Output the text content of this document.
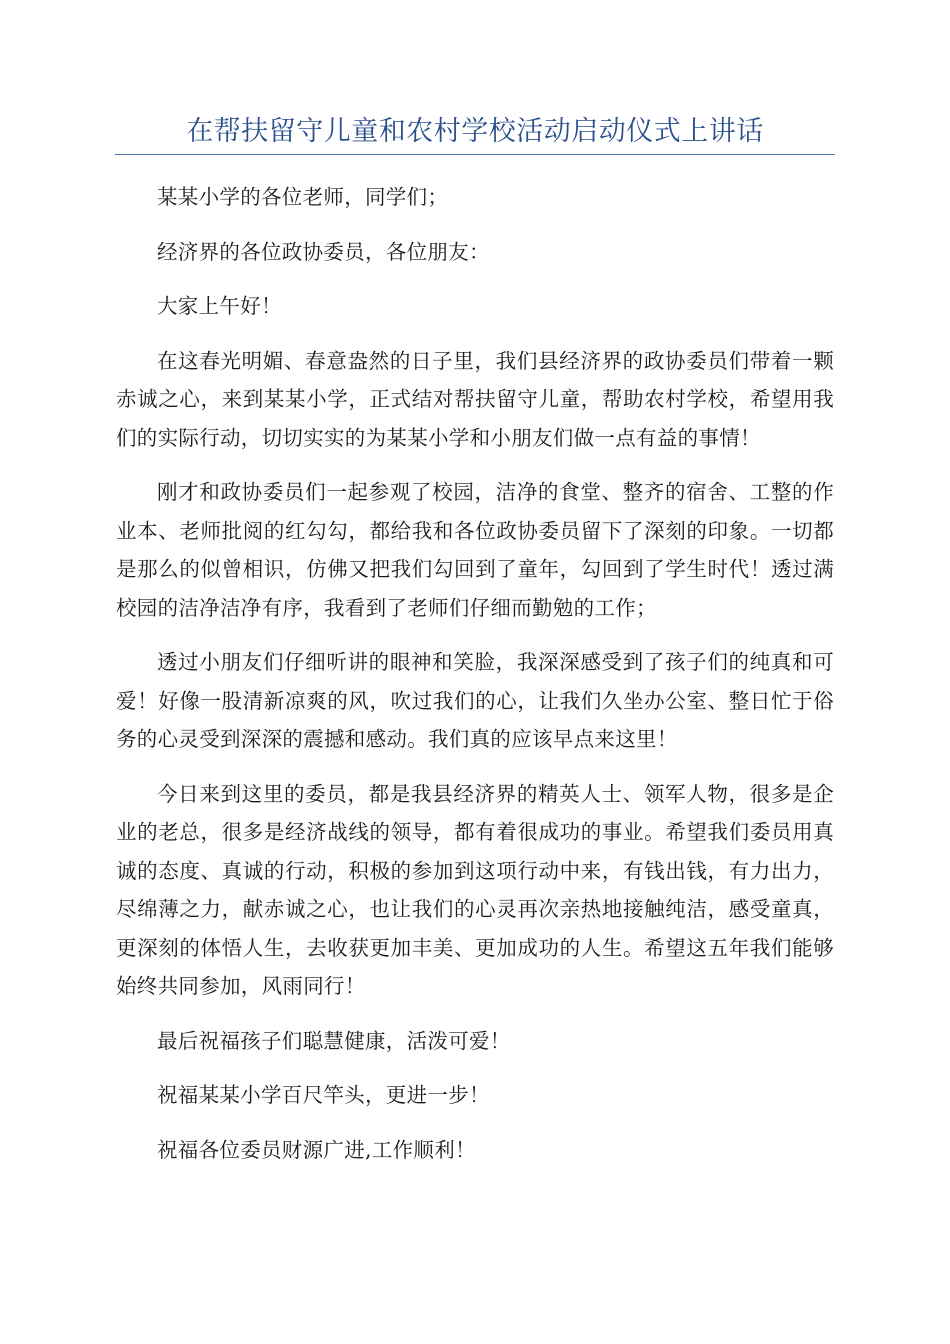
在帮扶留守儿童和农村学校活动启动仪式上讲话

某某小学的各位老师，同学们；

经济界的各位政协委员，各位朋友：

大家上午好！

在这春光明媚、春意盎然的日子里，我们县经济界的政协委员们带着一颗赤诚之心，来到某某小学，正式结对帮扶留守儿童，帮助农村学校，希望用我们的实际行动，切切实实的为某某小学和小朋友们做一点有益的事情！

刚才和政协委员们一起参观了校园，洁净的食堂、整齐的宿舍、工整的作业本、老师批阅的红勾勾，都给我和各位政协委员留下了深刻的印象。一切都是那么的似曾相识，仿佛又把我们勾回到了童年，勾回到了学生时代！透过满校园的洁净洁净有序，我看到了老师们仔细而勤勉的工作；

透过小朋友们仔细听讲的眼神和笑脸，我深深感受到了孩子们的纯真和可爱！好像一股清新凉爽的风，吹过我们的心，让我们久坐办公室、整日忙于俗务的心灵受到深深的震撼和感动。我们真的应该早点来这里！

今日来到这里的委员，都是我县经济界的精英人士、领军人物，很多是企业的老总，很多是经济战线的领导，都有着很成功的事业。希望我们委员用真诚的态度、真诚的行动，积极的参加到这项行动中来，有钱出钱，有力出力，尽绵薄之力，献赤诚之心，也让我们的心灵再次亲热地接触纯洁，感受童真，更深刻的体悟人生，去收获更加丰美、更加成功的人生。希望这五年我们能够始终共同参加，风雨同行！

最后祝福孩子们聪慧健康，活泼可爱！

祝福某某小学百尺竿头，更进一步！

祝福各位委员财源广进,工作顺利！
